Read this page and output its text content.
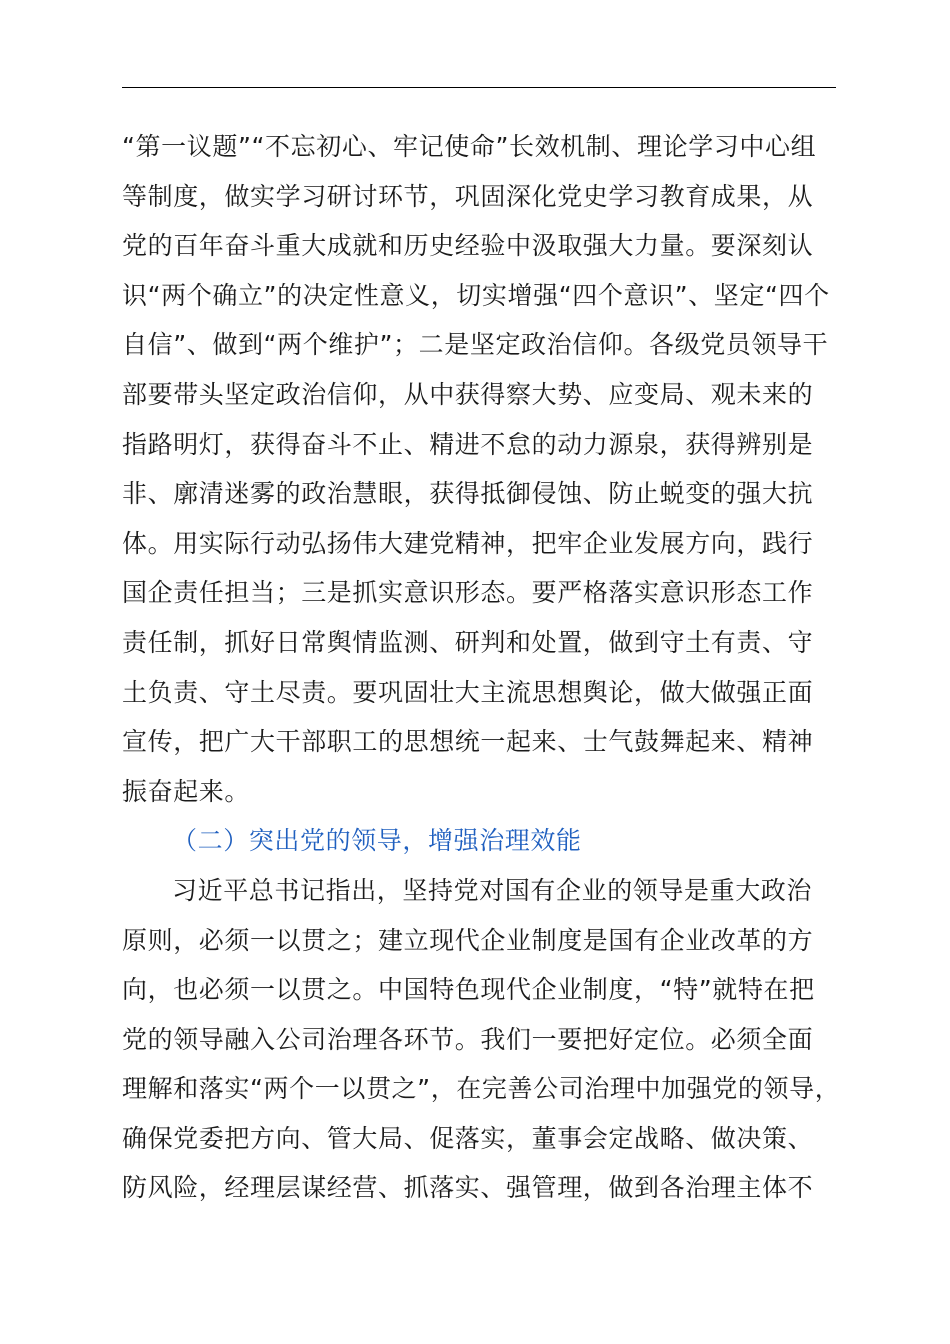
“第一议题”“不忘初心、牢记使命”长效机制、理论学习中心组
等制度，做实学习研讨环节，巩固深化党史学习教育成果，从
党的百年奋斗重大成就和历史经验中汲取强大力量。要深刻认
识“两个确立”的决定性意义，切实增强“四个意识”、坚定“四个
自信”、做到“两个维护”；二是坚定政治信仰。各级党员领导干
部要带头坚定政治信仰，从中获得察大势、应变局、观未来的
指路明灯，获得奋斗不止、精进不怠的动力源泉，获得辨别是
非、廓清迷雾的政治慧眼，获得抵御侵蚀、防止蜕变的强大抗
体。用实际行动弘扬伟大建党精神，把牢企业发展方向，践行
国企责任担当；三是抓实意识形态。要严格落实意识形态工作
责任制，抓好日常舆情监测、研判和处置，做到守土有责、守
土负责、守土尽责。要巩固壮大主流思想舆论，做大做强正面
宣传，把广大干部职工的思想统一起来、士气鼓舞起来、精神
振奋起来。
（二）突出党的领导，增强治理效能
习近平总书记指出，坚持党对国有企业的领导是重大政治
原则，必须一以贯之；建立现代企业制度是国有企业改革的方
向，也必须一以贯之。中国特色现代企业制度，“特”就特在把
党的领导融入公司治理各环节。我们一要把好定位。必须全面
理解和落实“两个一以贯之”，在完善公司治理中加强党的领导，
确保党委把方向、管大局、促落实，董事会定战略、做决策、
防风险，经理层谋经营、抓落实、强管理，做到各治理主体不
